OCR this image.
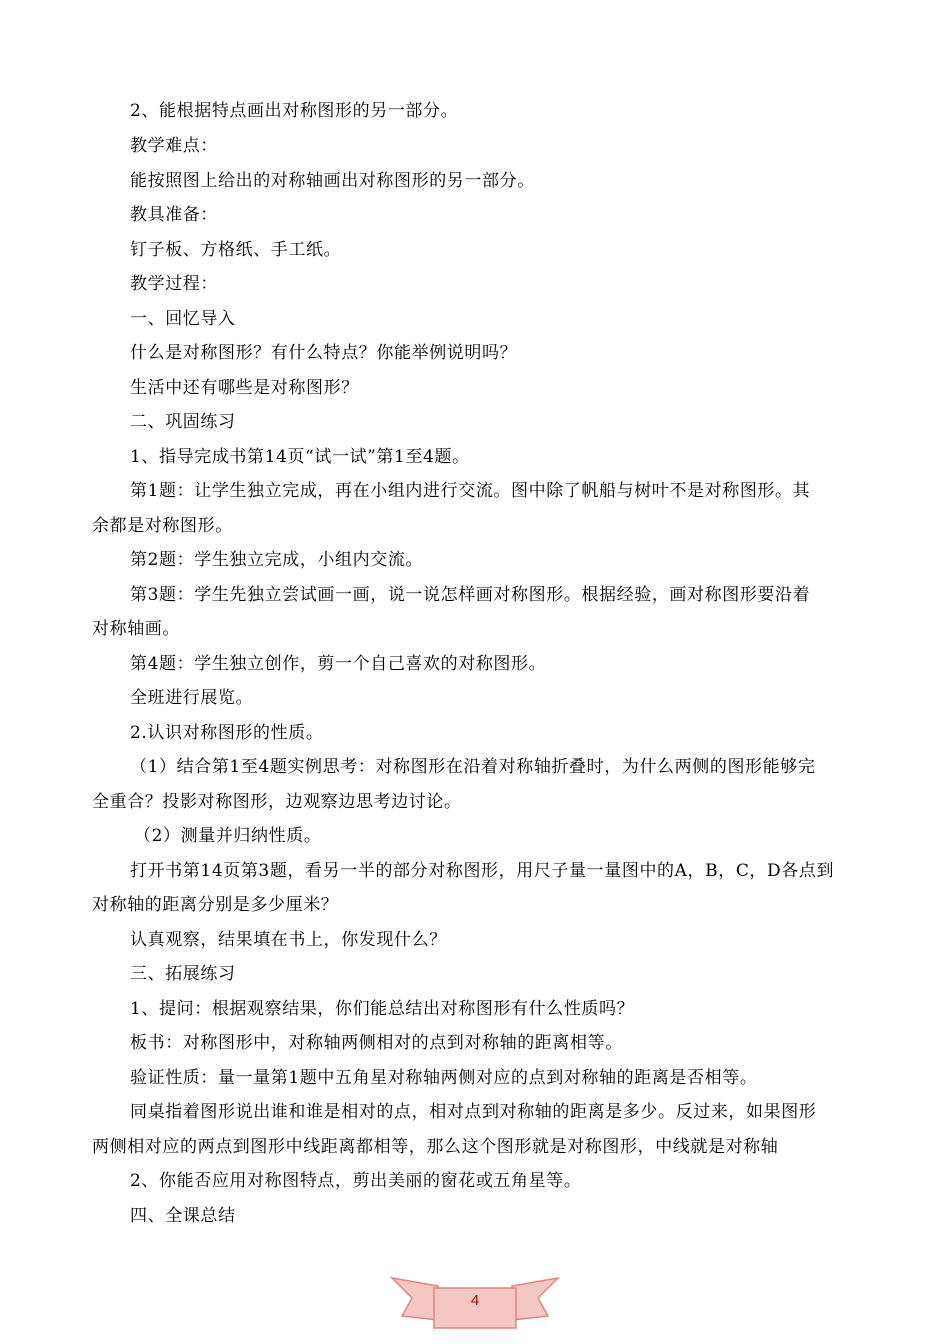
2、能根据特点画出对称图形的另一部分。
教学难点：
能按照图上给出的对称轴画出对称图形的另一部分。
教具准备：
钉子板、方格纸、手工纸。
教学过程：
一、回忆导入
什么是对称图形？有什么特点？你能举例说明吗？
生活中还有哪些是对称图形？
二、巩固练习
1、指导完成书第14页“试一试”第1至4题。
第1题：让学生独立完成，再在小组内进行交流。图中除了帆船与树叶不是对称图形。其
余都是对称图形。
第2题：学生独立完成，小组内交流。
第3题：学生先独立尝试画一画，说一说怎样画对称图形。根据经验，画对称图形要沿着
对称轴画。
第4题：学生独立创作，剪一个自己喜欢的对称图形。
全班进行展览。
2.认识对称图形的性质。
（1）结合第1至4题实例思考：对称图形在沿着对称轴折叠时，为什么两侧的图形能够完
全重合？投影对称图形，边观察边思考边讨论。
（2）测量并归纳性质。
打开书第14页第3题，看另一半的部分对称图形，用尺子量一量图中的A，B，C，D各点到
对称轴的距离分别是多少厘米？
认真观察，结果填在书上，你发现什么？
三、拓展练习
1、提问：根据观察结果，你们能总结出对称图形有什么性质吗？
板书：对称图形中，对称轴两侧相对的点到对称轴的距离相等。
验证性质：量一量第1题中五角星对称轴两侧对应的点到对称轴的距离是否相等。
同桌指着图形说出谁和谁是相对的点，相对点到对称轴的距离是多少。反过来，如果图形
两侧相对应的两点到图形中线距离都相等，那么这个图形就是对称图形，中线就是对称轴
2、你能否应用对称图特点，剪出美丽的窗花或五角星等。
四、全课总结
4
